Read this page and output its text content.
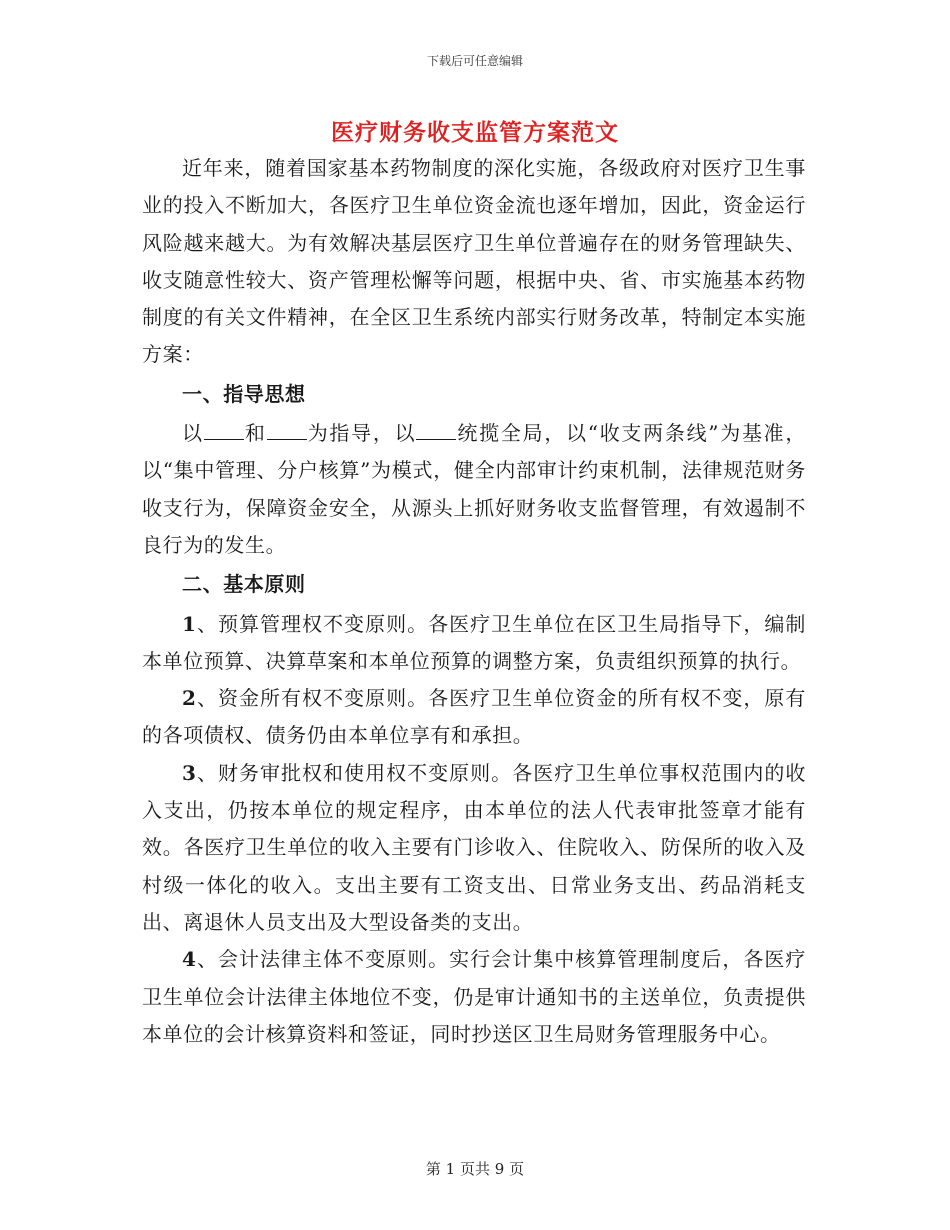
下载后可任意编辑
医疗财务收支监管方案范文

近年来，随着国家基本药物制度的深化实施，各级政府对医疗卫生事业的投入不断加大，各医疗卫生单位资金流也逐年增加，因此，资金运行风险越来越大。为有效解决基层医疗卫生单位普遍存在的财务管理缺失、收支随意性较大、资产管理松懈等问题，根据中央、省、市实施基本药物制度的有关文件精神，在全区卫生系统内部实行财务改革，特制定本实施方案：

一、指导思想

以 和 为指导，以 统揽全局，以“收支两条线”为基准，以“集中管理、分户核算”为模式，健全内部审计约束机制，法律规范财务收支行为，保障资金安全，从源头上抓好财务收支监督管理，有效遏制不良行为的发生。

二、基本原则

1、预算管理权不变原则。各医疗卫生单位在区卫生局指导下，编制本单位预算、决算草案和本单位预算的调整方案，负责组织预算的执行。

2、资金所有权不变原则。各医疗卫生单位资金的所有权不变，原有的各项债权、债务仍由本单位享有和承担。

3、财务审批权和使用权不变原则。各医疗卫生单位事权范围内的收入支出，仍按本单位的规定程序，由本单位的法人代表审批签章才能有效。各医疗卫生单位的收入主要有门诊收入、住院收入、防保所的收入及村级一体化的收入。支出主要有工资支出、日常业务支出、药品消耗支出、离退休人员支出及大型设备类的支出。

4、会计法律主体不变原则。实行会计集中核算管理制度后，各医疗卫生单位会计法律主体地位不变，仍是审计通知书的主送单位，负责提供本单位的会计核算资料和签证，同时抄送区卫生局财务管理服务中心。

第 1 页共 9 页
